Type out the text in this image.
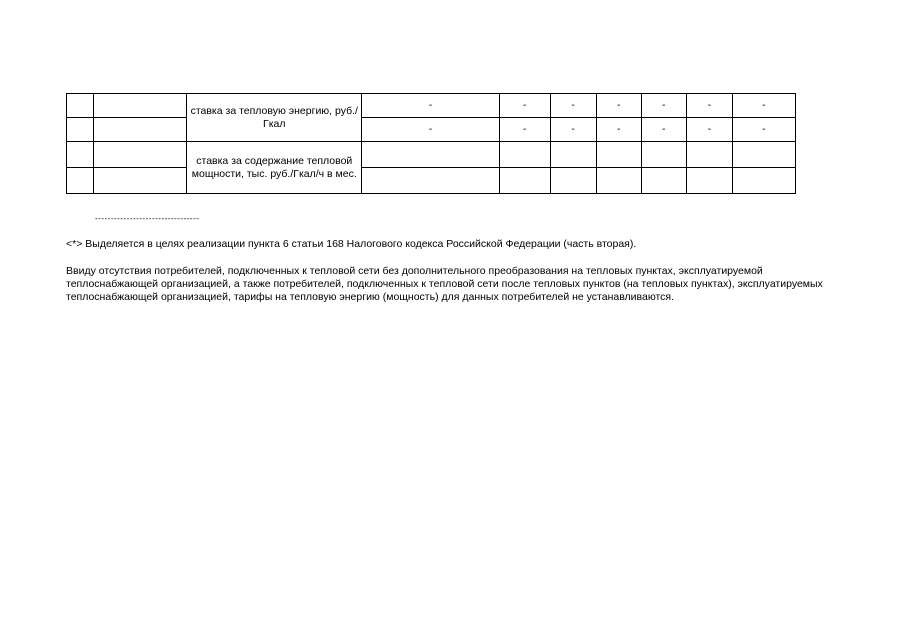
		ставка за тепловую энергию, руб./Гкал	-	-	-	-	-	-	-
			-	-	-	-	-	-	-
		ставка за содержание тепловой мощности, тыс. руб./Гкал/ч в мес.							

---------------------------------

<*> Выделяется в целях реализации пункта 6 статьи 168 Налогового кодекса Российской Федерации (часть вторая).

Ввиду отсутствия потребителей, подключенных к тепловой сети без дополнительного преобразования на тепловых пунктах, эксплуатируемой теплоснабжающей организацией, а также потребителей, подключенных к тепловой сети после тепловых пунктов (на тепловых пунктах), эксплуатируемых теплоснабжающей организацией, тарифы на тепловую энергию (мощность) для данных потребителей не устанавливаются.
